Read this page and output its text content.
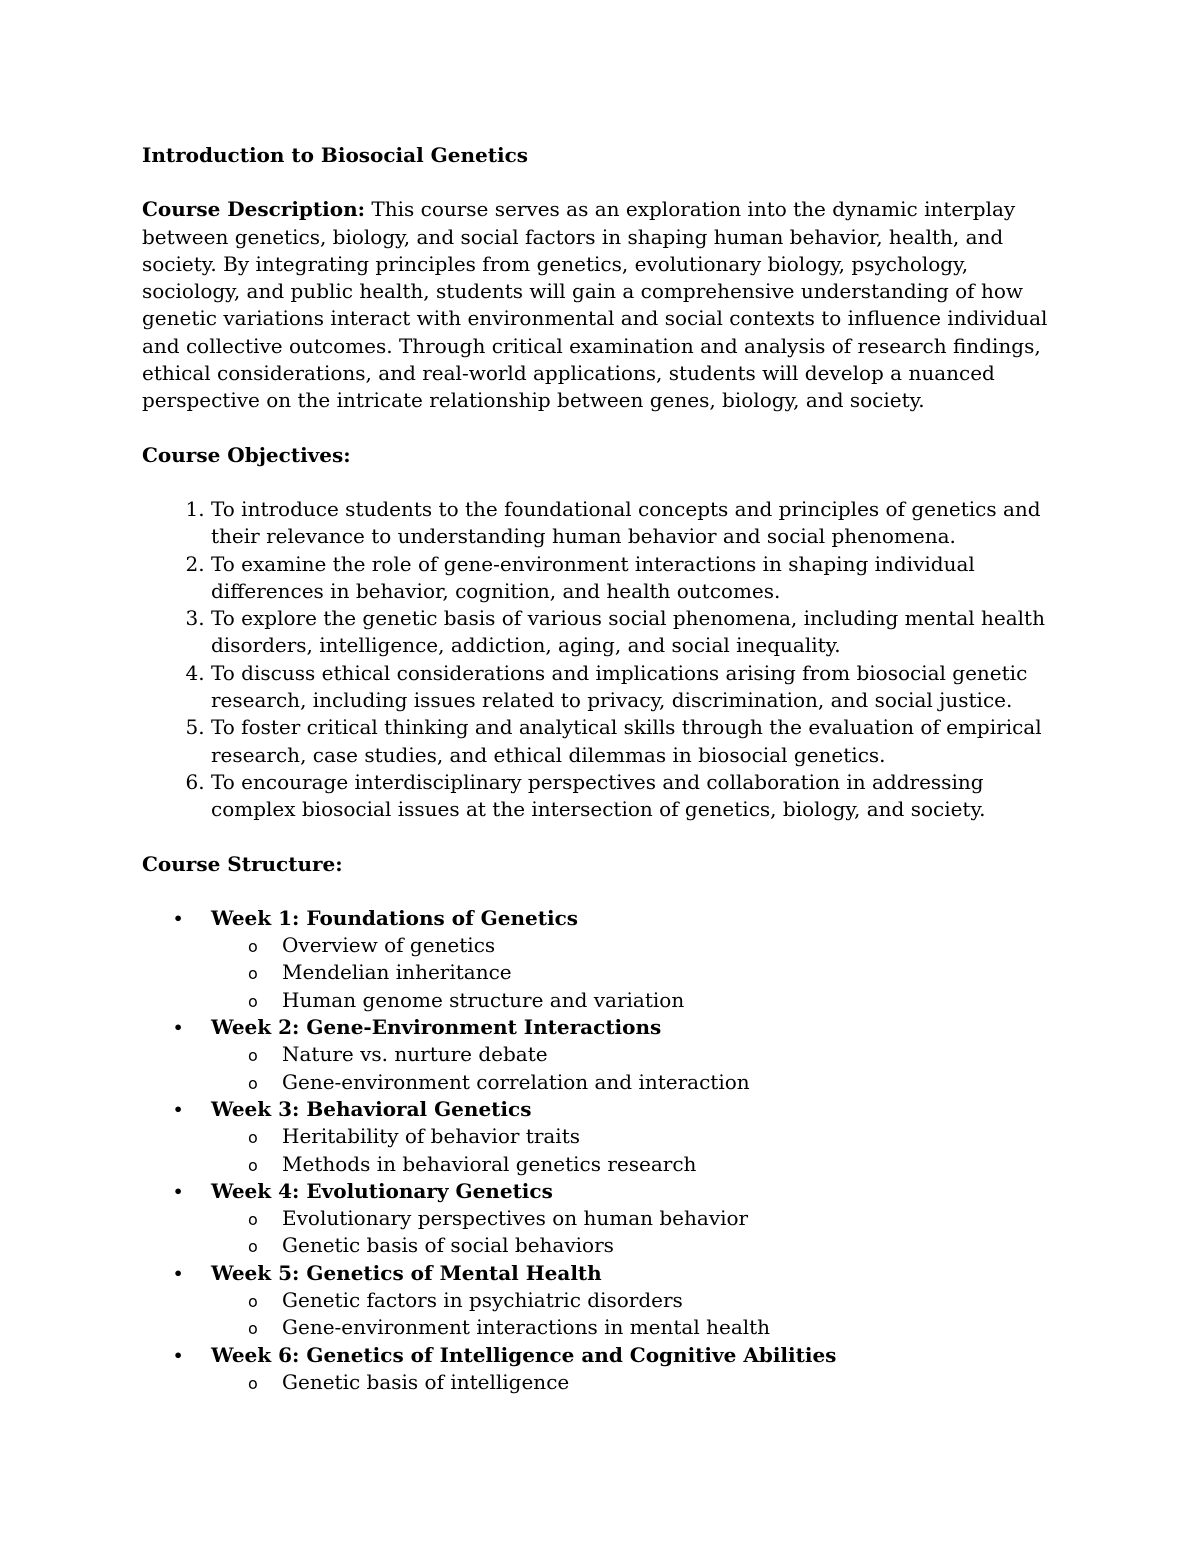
Introduction to Biosocial Genetics

Course Description: This course serves as an exploration into the dynamic interplay between genetics, biology, and social factors in shaping human behavior, health, and society. By integrating principles from genetics, evolutionary biology, psychology, sociology, and public health, students will gain a comprehensive understanding of how genetic variations interact with environmental and social contexts to influence individual and collective outcomes. Through critical examination and analysis of research findings, ethical considerations, and real-world applications, students will develop a nuanced perspective on the intricate relationship between genes, biology, and society.

Course Objectives:
1. To introduce students to the foundational concepts and principles of genetics and their relevance to understanding human behavior and social phenomena.
2. To examine the role of gene-environment interactions in shaping individual differences in behavior, cognition, and health outcomes.
3. To explore the genetic basis of various social phenomena, including mental health disorders, intelligence, addiction, aging, and social inequality.
4. To discuss ethical considerations and implications arising from biosocial genetic research, including issues related to privacy, discrimination, and social justice.
5. To foster critical thinking and analytical skills through the evaluation of empirical research, case studies, and ethical dilemmas in biosocial genetics.
6. To encourage interdisciplinary perspectives and collaboration in addressing complex biosocial issues at the intersection of genetics, biology, and society.
Course Structure:
• Week 1: Foundations of Genetics
o Overview of genetics
o Mendelian inheritance
o Human genome structure and variation
• Week 2: Gene-Environment Interactions
o Nature vs. nurture debate
o Gene-environment correlation and interaction
• Week 3: Behavioral Genetics
o Heritability of behavior traits
o Methods in behavioral genetics research
• Week 4: Evolutionary Genetics
o Evolutionary perspectives on human behavior
o Genetic basis of social behaviors
• Week 5: Genetics of Mental Health
o Genetic factors in psychiatric disorders
o Gene-environment interactions in mental health
• Week 6: Genetics of Intelligence and Cognitive Abilities
o Genetic basis of intelligence
